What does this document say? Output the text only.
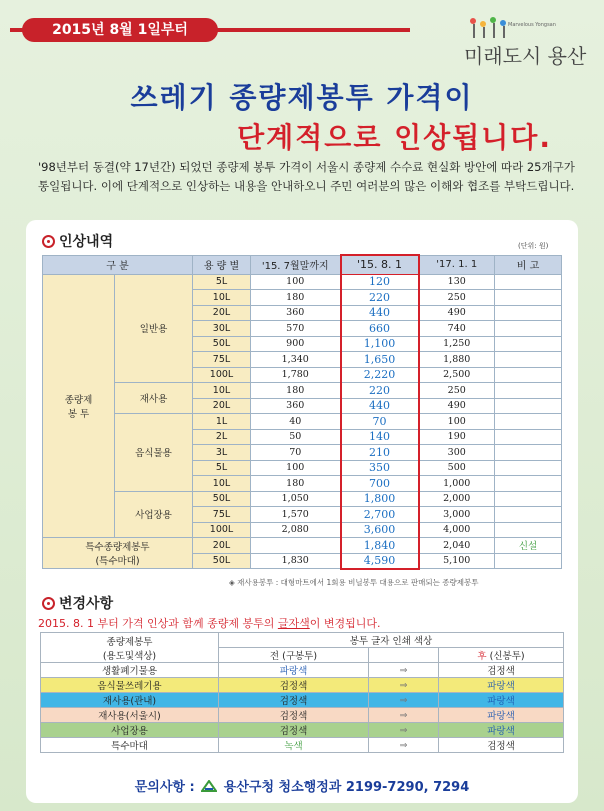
2015년 8월 1일부터	Marvelous Yongsan
미래도시 용산
쓰레기 종량제봉투 가격이
단계적으로 인상됩니다.
'98년부터 동결(약 17년간) 되었던 종량제 봉투 가격이 서울시 종량제 수수료 현실화 방안에 따라 25개구가 통일됩니다. 이에 단계적으로 인상하는 내용을 안내하오니 주민 여러분의 많은 이해와 협조를 부탁드립니다.
인상내역	(단위: 원)
구 분		용 량 별	'15. 7월말까지	'15. 8. 1	'17. 1. 1	비 고
종량제
봉 투	일반용	5L	100	120	130	
		10L	180	220	250	
		20L	360	440	490	
		30L	570	660	740	
		50L	900	1,100	1,250	
		75L	1,340	1,650	1,880	
		100L	1,780	2,220	2,500	
	재사용	10L	180	220	250	
		20L	360	440	490	
	음식물용	1L	40	70	100	
		2L	50	140	190	
		3L	70	210	300	
		5L	100	350	500	
		10L	180	700	1,000	
	사업장용	50L	1,050	1,800	2,000	
		75L	1,570	2,700	3,000	
		100L	2,080	3,600	4,000	
특수종량제봉투
(특수마대)		20L		1,840	2,040	신설
		50L	1,830	4,590	5,100	
◈ 재사용봉투 : 대형마트에서 1회용 비닐봉투 대용으로 판매되는 종량제봉투
변경사항
2015. 8. 1 부터 가격 인상과 함께 종량제 봉투의 글자색이 변경됩니다.
종량제봉투
(용도및색상)	봉투 글자 인쇄 색상		
	전 (구봉투)		후 (신봉투)
생활폐기물용	파랑색	⇒	검정색
음식물쓰레기용	검정색	⇒	파랑색
재사용(관내)	검정색	⇒	파랑색
재사용(서울시)	검정색	⇒	파랑색
사업장용	검정색	⇒	파랑색
특수마대	녹색	⇒	검정색
문의사항 : 용산구청 청소행정과 2199-7290, 7294
